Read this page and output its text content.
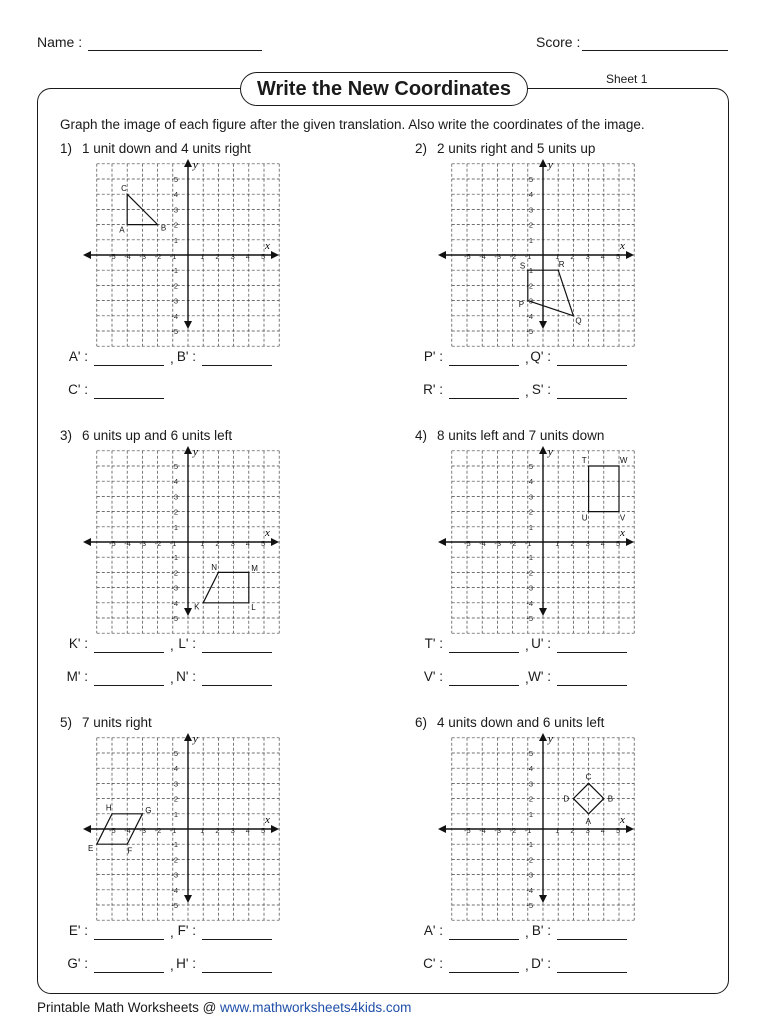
Name :	Score :
Write the New Coordinates	Sheet 1
Graph the image of each figure after the given translation. Also write the coordinates of the image.
1) 1 unit down and 4 units right
x
y
-5
-5
-4
-4
-3
-3
-2
-2
-1
-1
1
1
2
2
3
3
4
4
5
5
A	B
C
A' :	, B' :
C' :
2) 2 units right and 5 units up
x
y
-5
-5
-4
-4
-3
-3
-2
-2
-1
-1
1
1
2
2
3
3
4
4
5
5
S	R
Q
P
P' :	, Q' :
R' :	, S' :
3) 6 units up and 6 units left
x
y
-5
-5
-4
-4
-3
-3
-2
-2
-1
-1
1
1
2
2
3
3
4
4
5
5
K	L
M
N
K' :	, L' :
M' :	, N' :
4) 8 units left and 7 units down
x
y
-5
-5
-4
-4
-3
-3
-2
-2
-1
-1
1
1
2
2
3
3
4
4
5
5
T	W
V
U
T' :	, U' :
V' :	, W' :
5) 7 units right
x
y
-5
-5
-4
-4
-3
-3
-2
-2
-1
-1
1
1
2
2
3
3
4
4
5
5
E	F
G
H
E' :	, F' :
G' :	, H' :
6) 4 units down and 6 units left
x
y
-5
-5
-4
-4
-3
-3
-2
-2
-1
-1
1
1
2
2
3
3
4
4
5
5
A
B
C
D
A' :	, B' :
C' :	, D' :
Printable Math Worksheets @ www.mathworksheets4kids.com
